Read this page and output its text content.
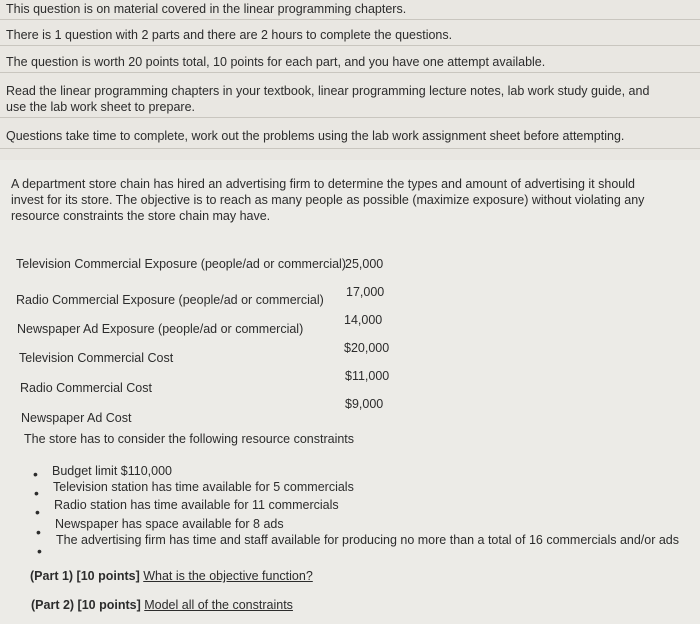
This question is on material covered in the linear programming chapters.
There is 1 question with 2 parts and there are 2 hours to complete the questions.
The question is worth 20 points total, 10 points for each part, and you have one attempt available.
Read the linear programming chapters in your textbook, linear programming lecture notes, lab work study guide, and
use the lab work sheet to prepare.
Questions take time to complete, work out the problems using the lab work assignment sheet before attempting.
A department store chain has hired an advertising firm to determine the types and amount of advertising it should
invest for its store. The objective is to reach as many people as possible (maximize exposure) without violating any
resource constraints the store chain may have.
Television Commercial Exposure (people/ad or commercial) 25,000
Radio Commercial Exposure (people/ad or commercial)
17,000
Newspaper Ad Exposure (people/ad or commercial)
14,000
Television Commercial Cost
$20,000
Radio Commercial Cost
$11,000
Newspaper Ad Cost
$9,000
The store has to consider the following resource constraints
• Budget limit $110,000
• Television station has time available for 5 commercials
• Radio station has time available for 11 commercials
• Newspaper has space available for 8 ads
•
The advertising firm has time and staff available for producing no more than a total of 16 commercials and/or ads
(Part 1) [10 points] What is the objective function?
(Part 2) [10 points] Model all of the constraints
